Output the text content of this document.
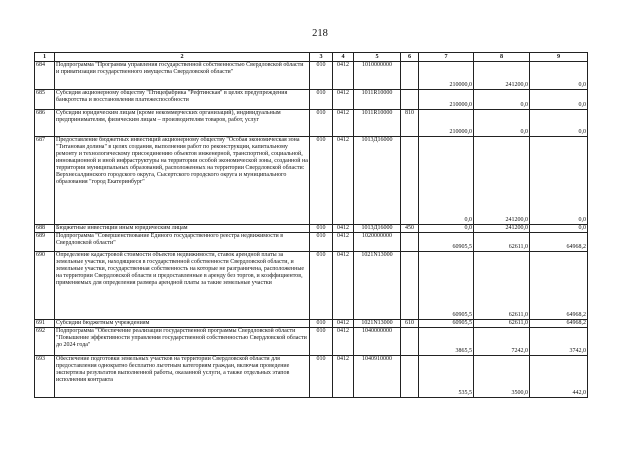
218
1	2	3	4	5	6	7	8	9
684	Подпрограмма "Программа управления государственной собственностью Свердловской области и приватизации государственного имущества Свердловской области"	010	0412	1010000000		210000,0	241200,0	0,0
685	Субсидия акционерному обществу "Птицефабрика "Рефтинская" в целях предупреждения банкротства и восстановления платежеспособности	010	0412	1011R10000		210000,0	0,0	0,0
686	Субсидии юридическим лицам (кроме некоммерческих организаций), индивидуальным предпринимателям, физическим лицам – производителям товаров, работ, услуг	010	0412	1011R10000	810	210000,0	0,0	0,0
687	Предоставление бюджетных инвестиций акционерному обществу "Особая экономическая зона "Титановая долина" в целях создания, выполнения работ по реконструкции, капитальному ремонту и технологическому присоединению объектов инженерной, транспортной, социальной, инновационной и иной инфраструктуры на территории особой экономической зоны, созданной на территории муниципальных образований, расположенных на территории Свердловской области: Верхнесалдинского городского округа, Сысертского городского округа и муниципального образования "город Екатеринбург"	010	0412	1013Д16000		0,0	241200,0	0,0
688	Бюджетные инвестиции иным юридическим лицам	010	0412	1013Д16000	450	0,0	241200,0	0,0
689	Подпрограмма "Совершенствование Единого государственного реестра недвижимости в Свердловской области"	010	0412	1020000000		60905,5	62611,0	64968,2
690	Определение кадастровой стоимости объектов недвижимости, ставок арендной платы за земельные участки, находящиеся в государственной собственности Свердловской области, и земельные участки, государственная собственность на которые не разграничена, расположенные на территории Свердловской области и предоставленные в аренду без торгов, и коэффициентов, применяемых для определения размера арендной платы за такие земельные участки	010	0412	1021N13000		60905,5	62611,0	64968,2
691	Субсидии бюджетным учреждениям	010	0412	1021N13000	610	60905,5	62611,0	64968,2
692	Подпрограмма "Обеспечение реализации государственной программы Свердловской области "Повышение эффективности управления государственной собственностью Свердловской области до 2024 года"	010	0412	1040000000		3865,5	7242,0	3742,0
693	Обеспечение подготовки земельных участков на территории Свердловской области для предоставления однократно бесплатно льготным категориям граждан, включая проведение экспертизы результатов выполненной работы, оказанной услуги, а также отдельных этапов исполнения контракта	010	0412	1040910000		535,5	3500,0	442,0
